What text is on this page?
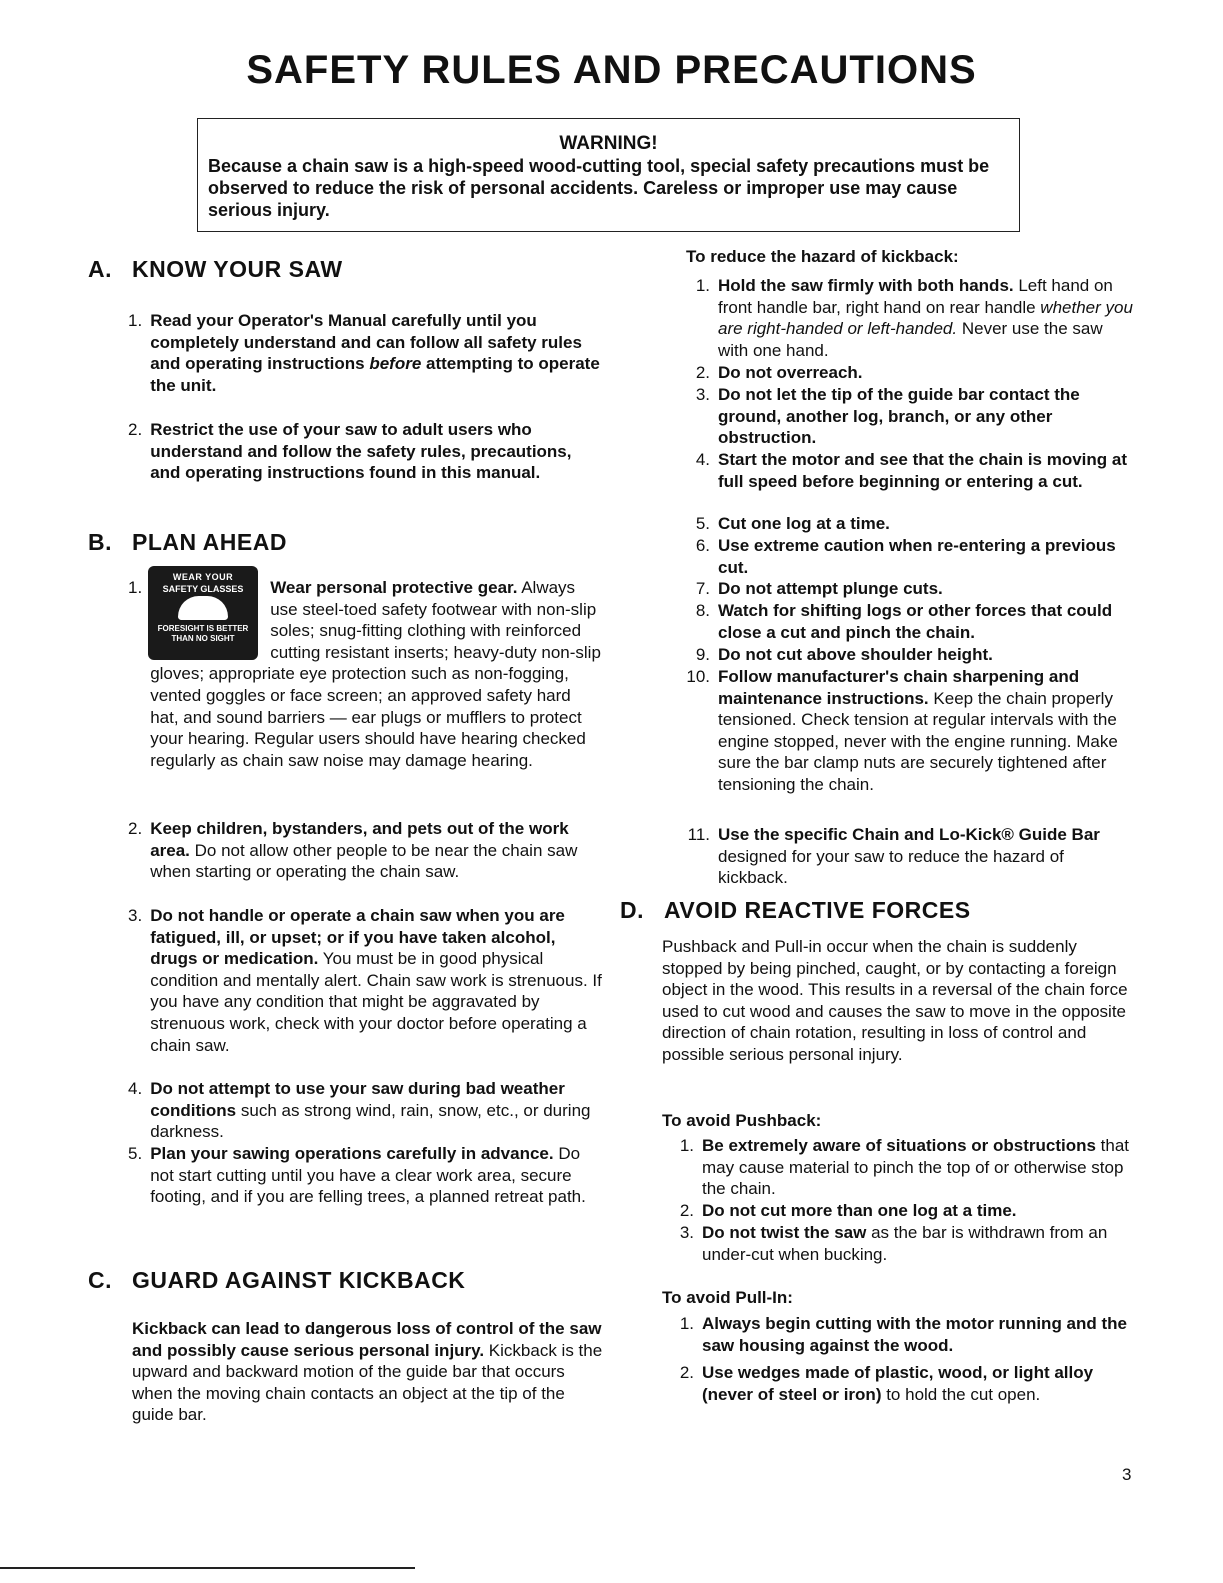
SAFETY RULES AND PRECAUTIONS
WARNING!
Because a chain saw is a high-speed wood-cutting tool, special safety precautions must be observed to reduce the risk of personal accidents. Careless or improper use may cause serious injury.
A. KNOW YOUR SAW
1. Read your Operator's Manual carefully until you completely understand and can follow all safety rules and operating instructions before attempting to operate the unit.
2. Restrict the use of your saw to adult users who understand and follow the safety rules, precautions, and operating instructions found in this manual.
B. PLAN AHEAD
1.	Wear personal protective gear. Always use steel-toed safety footwear with non-slip soles; snug-fitting clothing with reinforced cutting resistant inserts; heavy-duty non-slip gloves; appropriate eye protection such as non-fogging, vented goggles or face screen; an approved safety hard hat, and sound barriers — ear plugs or mufflers to protect your hearing. Regular users should have hearing checked regularly as chain saw noise may damage hearing.
2. Keep children, bystanders, and pets out of the work area. Do not allow other people to be near the chain saw when starting or operating the chain saw.
3. Do not handle or operate a chain saw when you are fatigued, ill, or upset; or if you have taken alcohol, drugs or medication. You must be in good physical condition and mentally alert. Chain saw work is strenuous. If you have any condition that might be aggravated by strenuous work, check with your doctor before operating a chain saw.
4. Do not attempt to use your saw during bad weather conditions such as strong wind, rain, snow, etc., or during darkness.
5. Plan your sawing operations carefully in advance. Do not start cutting until you have a clear work area, secure footing, and if you are felling trees, a planned retreat path.
C. GUARD AGAINST KICKBACK
Kickback can lead to dangerous loss of control of the saw and possibly cause serious personal injury. Kickback is the upward and backward motion of the guide bar that occurs when the moving chain contacts an object at the tip of the guide bar.
WEAR YOUR
SAFETY GLASSES
FORESIGHT IS BETTER THAN NO SIGHT
To reduce the hazard of kickback:
1. Hold the saw firmly with both hands. Left hand on front handle bar, right hand on rear handle whether you are right-handed or left-handed. Never use the saw with one hand.
2. Do not overreach.
3. Do not let the tip of the guide bar contact the ground, another log, branch, or any other obstruction.
4. Start the motor and see that the chain is moving at full speed before beginning or entering a cut.
5. Cut one log at a time.
6. Use extreme caution when re-entering a previous cut.
7. Do not attempt plunge cuts.
8. Watch for shifting logs or other forces that could close a cut and pinch the chain.
9. Do not cut above shoulder height.
10. Follow manufacturer's chain sharpening and maintenance instructions. Keep the chain properly tensioned. Check tension at regular intervals with the engine stopped, never with the engine running. Make sure the bar clamp nuts are securely tightened after tensioning the chain.
11. Use the specific Chain and Lo-Kick® Guide Bar designed for your saw to reduce the hazard of kickback.
D. AVOID REACTIVE FORCES
Pushback and Pull-in occur when the chain is suddenly stopped by being pinched, caught, or by contacting a foreign object in the wood. This results in a reversal of the chain force used to cut wood and causes the saw to move in the opposite direction of chain rotation, resulting in loss of control and possible serious personal injury.
To avoid Pushback:
1. Be extremely aware of situations or obstructions that may cause material to pinch the top of or otherwise stop the chain.
2. Do not cut more than one log at a time.
3. Do not twist the saw as the bar is withdrawn from an under-cut when bucking.
To avoid Pull-In:
1. Always begin cutting with the motor running and the saw housing against the wood.
2. Use wedges made of plastic, wood, or light alloy (never of steel or iron) to hold the cut open.
3
